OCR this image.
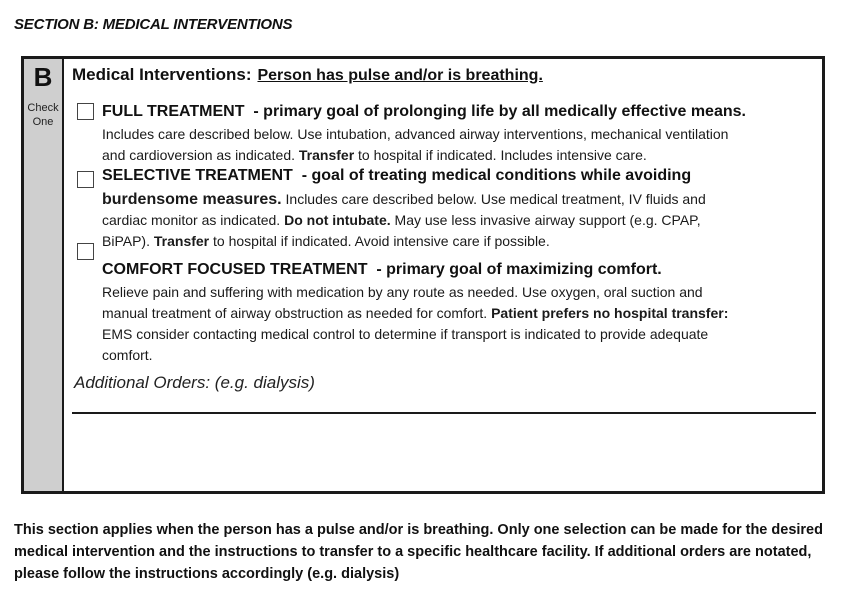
SECTION B: MEDICAL INTERVENTIONS
B
Check
One
Medical Interventions: Person has pulse and/or is breathing.
FULL TREATMENT - primary goal of prolonging life by all medically effective means.
Includes care described below. Use intubation, advanced airway interventions, mechanical ventilation
and cardioversion as indicated. Transfer to hospital if indicated. Includes intensive care.
SELECTIVE TREATMENT - goal of treating medical conditions while avoiding
burdensome measures. Includes care described below. Use medical treatment, IV fluids and
cardiac monitor as indicated. Do not intubate. May use less invasive airway support (e.g. CPAP,
BiPAP). Transfer to hospital if indicated. Avoid intensive care if possible.
COMFORT FOCUSED TREATMENT - primary goal of maximizing comfort.
Relieve pain and suffering with medication by any route as needed. Use oxygen, oral suction and
manual treatment of airway obstruction as needed for comfort. Patient prefers no hospital transfer:
EMS consider contacting medical control to determine if transport is indicated to provide adequate
comfort.
Additional Orders: (e.g. dialysis)
This section applies when the person has a pulse and/or is breathing. Only one selection can be made for the desired medical intervention and the instructions to transfer to a specific healthcare facility. If additional orders are notated, please follow the instructions accordingly (e.g. dialysis)
